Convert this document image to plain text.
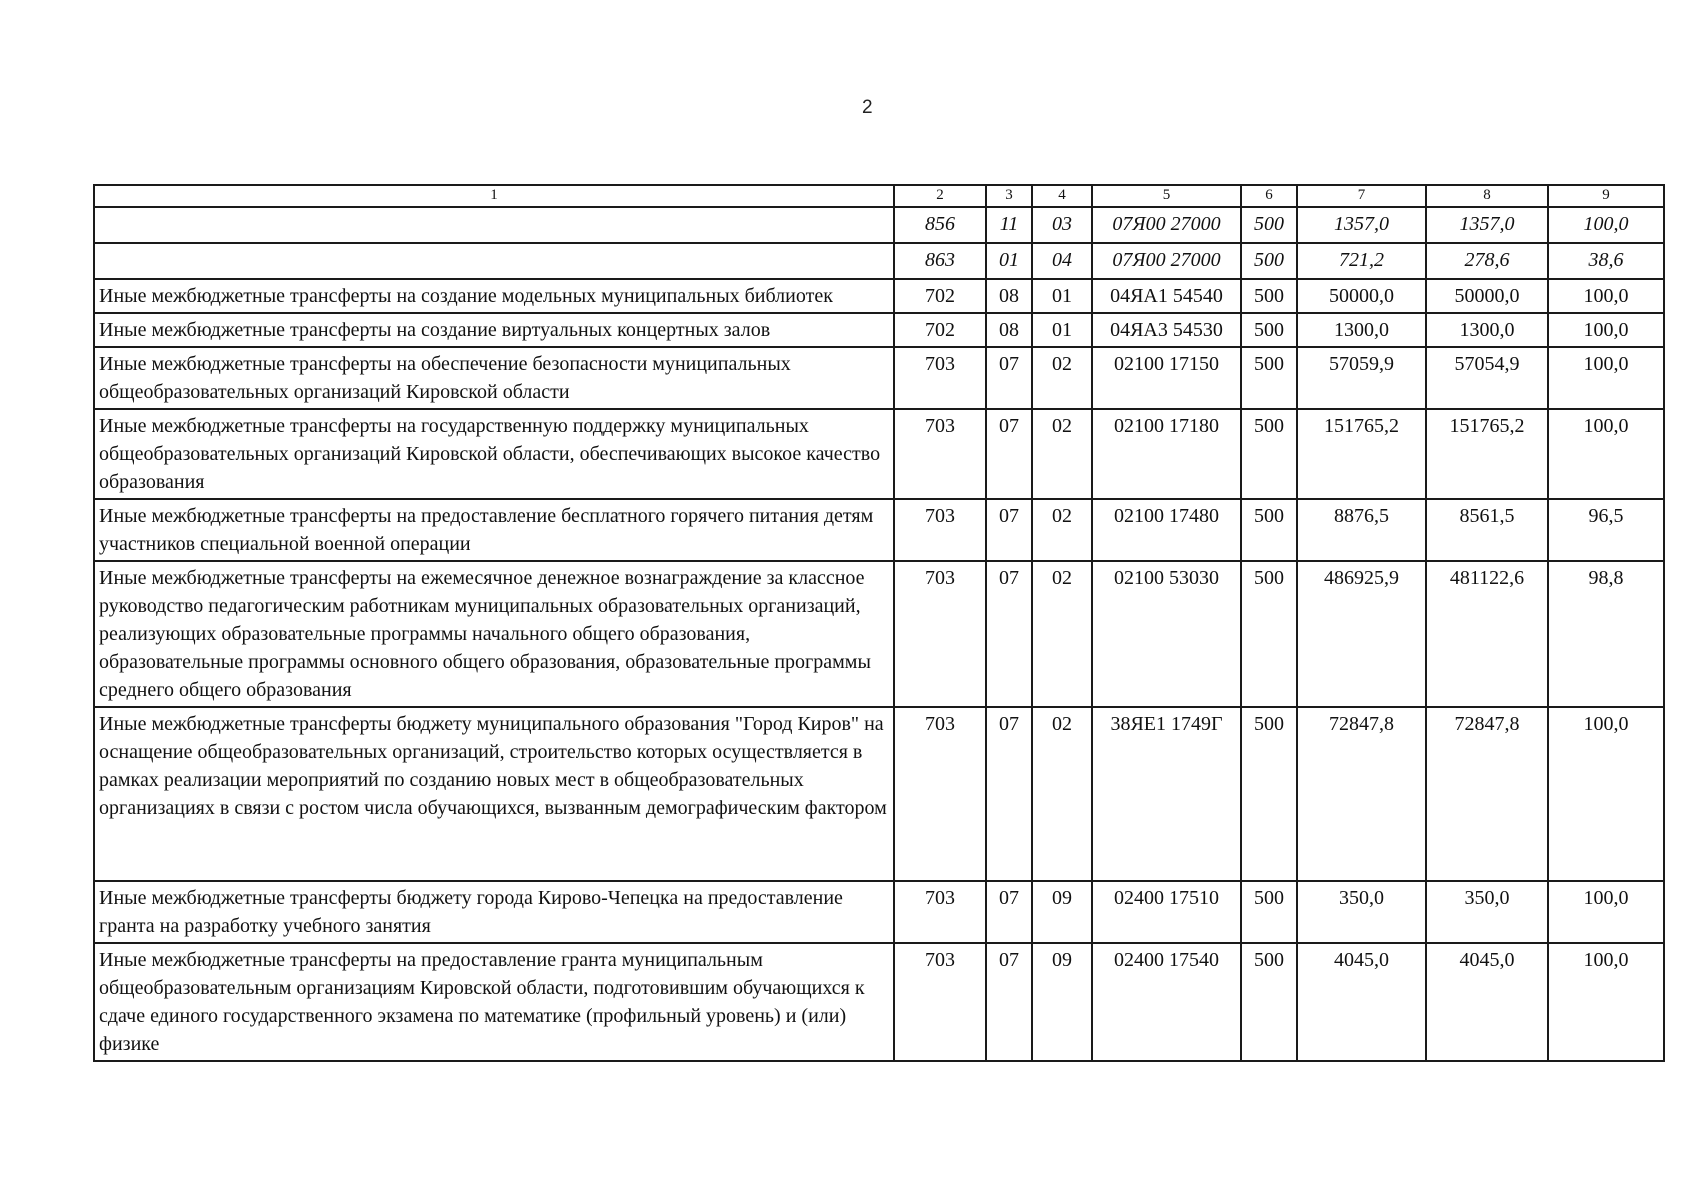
2
1	2	3	4	5	6	7	8	9
	856	11	03	07Я00 27000	500	1357,0	1357,0	100,0
	863	01	04	07Я00 27000	500	721,2	278,6	38,6
Иные межбюджетные трансферты на создание модельных муниципальных библиотек	702	08	01	04ЯА1 54540	500	50000,0	50000,0	100,0
Иные межбюджетные трансферты на создание виртуальных концертных залов	702	08	01	04ЯА3 54530	500	1300,0	1300,0	100,0
Иные межбюджетные трансферты на обеспечение безопасности муниципальных общеобразовательных организаций Кировской области	703	07	02	02100 17150	500	57059,9	57054,9	100,0
Иные межбюджетные трансферты на государственную поддержку муниципальных общеобразовательных организаций Кировской области, обеспечивающих высокое качество образования	703	07	02	02100 17180	500	151765,2	151765,2	100,0
Иные межбюджетные трансферты на предоставление бесплатного горячего питания детям участников специальной военной операции	703	07	02	02100 17480	500	8876,5	8561,5	96,5
Иные межбюджетные трансферты на ежемесячное денежное вознаграждение за классное руководство педагогическим работникам муниципальных образовательных организаций, реализующих образовательные программы начального общего образования, образовательные программы основного общего образования, образовательные программы среднего общего образования	703	07	02	02100 53030	500	486925,9	481122,6	98,8
Иные межбюджетные трансферты бюджету муниципального образования "Город Киров" на оснащение общеобразовательных организаций, строительство которых осуществляется в рамках реализации мероприятий по созданию новых мест в общеобразовательных организациях в связи с ростом числа обучающихся, вызванным демографическим фактором	703	07	02	38ЯЕ1 1749Г	500	72847,8	72847,8	100,0
Иные межбюджетные трансферты бюджету города Кирово-Чепецка на предоставление гранта на разработку учебного занятия	703	07	09	02400 17510	500	350,0	350,0	100,0
Иные межбюджетные трансферты на предоставление гранта муниципальным общеобразовательным организациям Кировской области, подготовившим обучающихся к сдаче единого государственного экзамена по математике (профильный уровень) и (или) физике	703	07	09	02400 17540	500	4045,0	4045,0	100,0
